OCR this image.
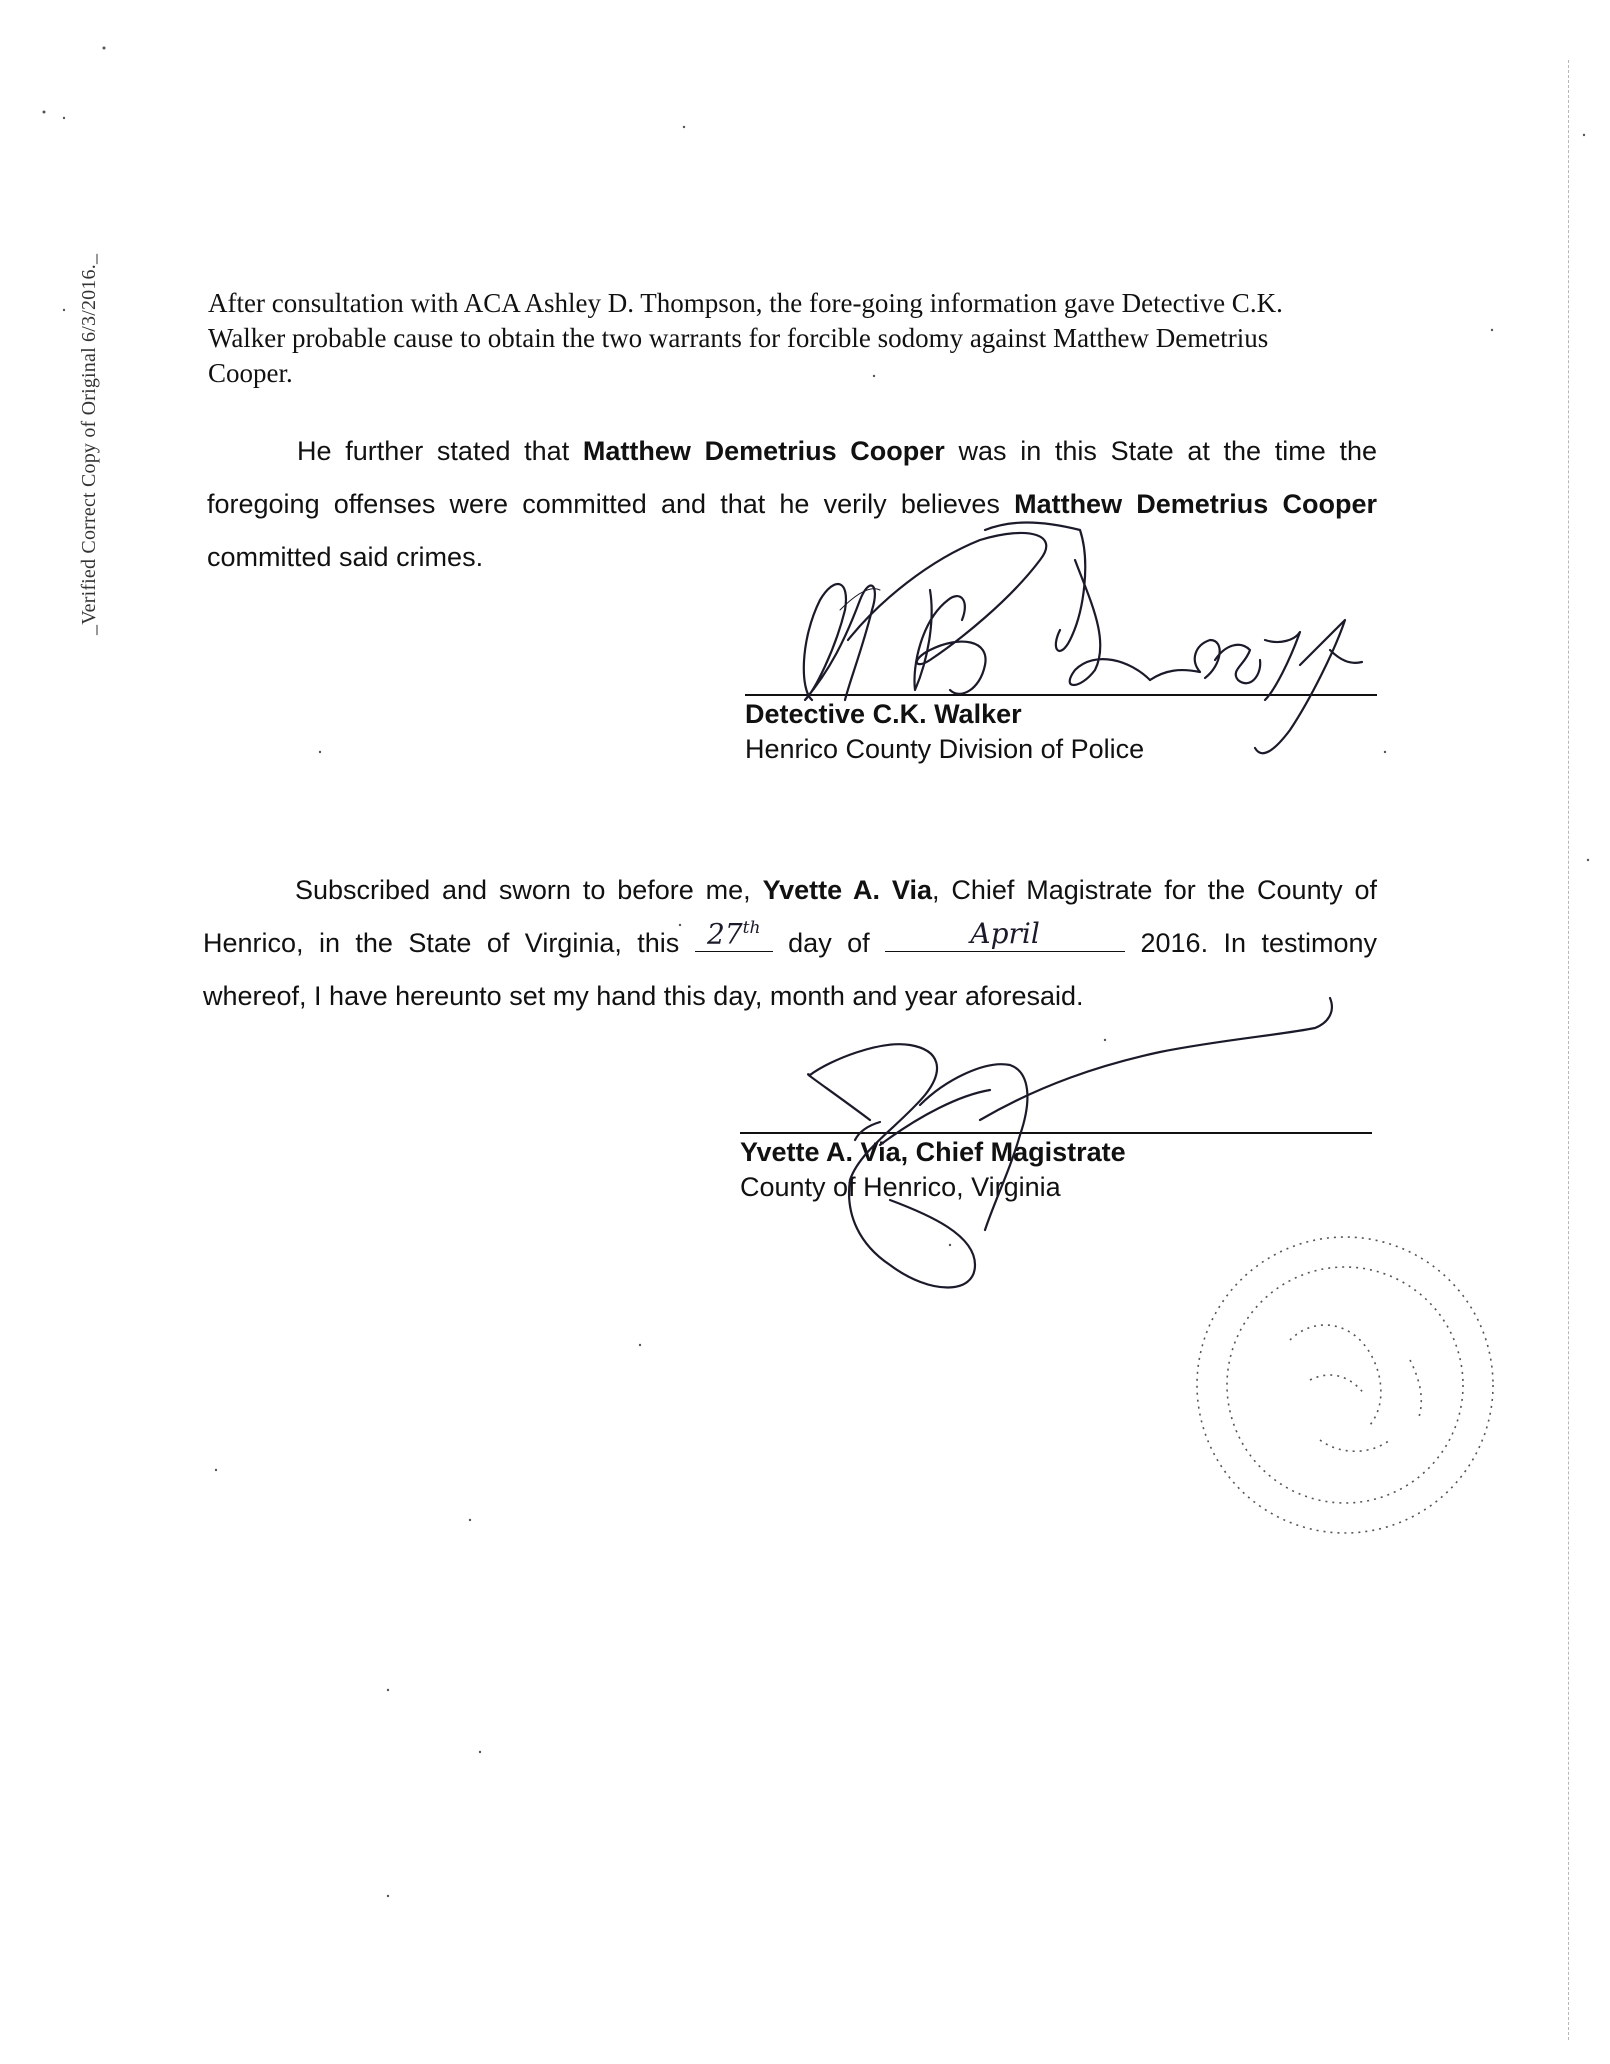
_Verified Correct Copy of Original 6/3/2016._	After consultation with ACA Ashley D. Thompson, the fore-going information gave Detective C.K. Walker probable cause to obtain the two warrants for forcible sodomy against Matthew Demetrius Cooper.

He further stated that Matthew Demetrius Cooper was in this State at the time the foregoing offenses were committed and that he verily believes Matthew Demetrius Cooper committed said crimes.

Detective C.K. Walker
Henrico County Division of Police

Subscribed and sworn to before me, Yvette A. Via, Chief Magistrate for the County of Henrico, in the State of Virginia, this 27th
day of	April	2016. In testimony whereof, I have hereunto set my hand this day, month and year aforesaid.

Yvette A. Via, Chief Magistrate
County of Henrico, Virginia
